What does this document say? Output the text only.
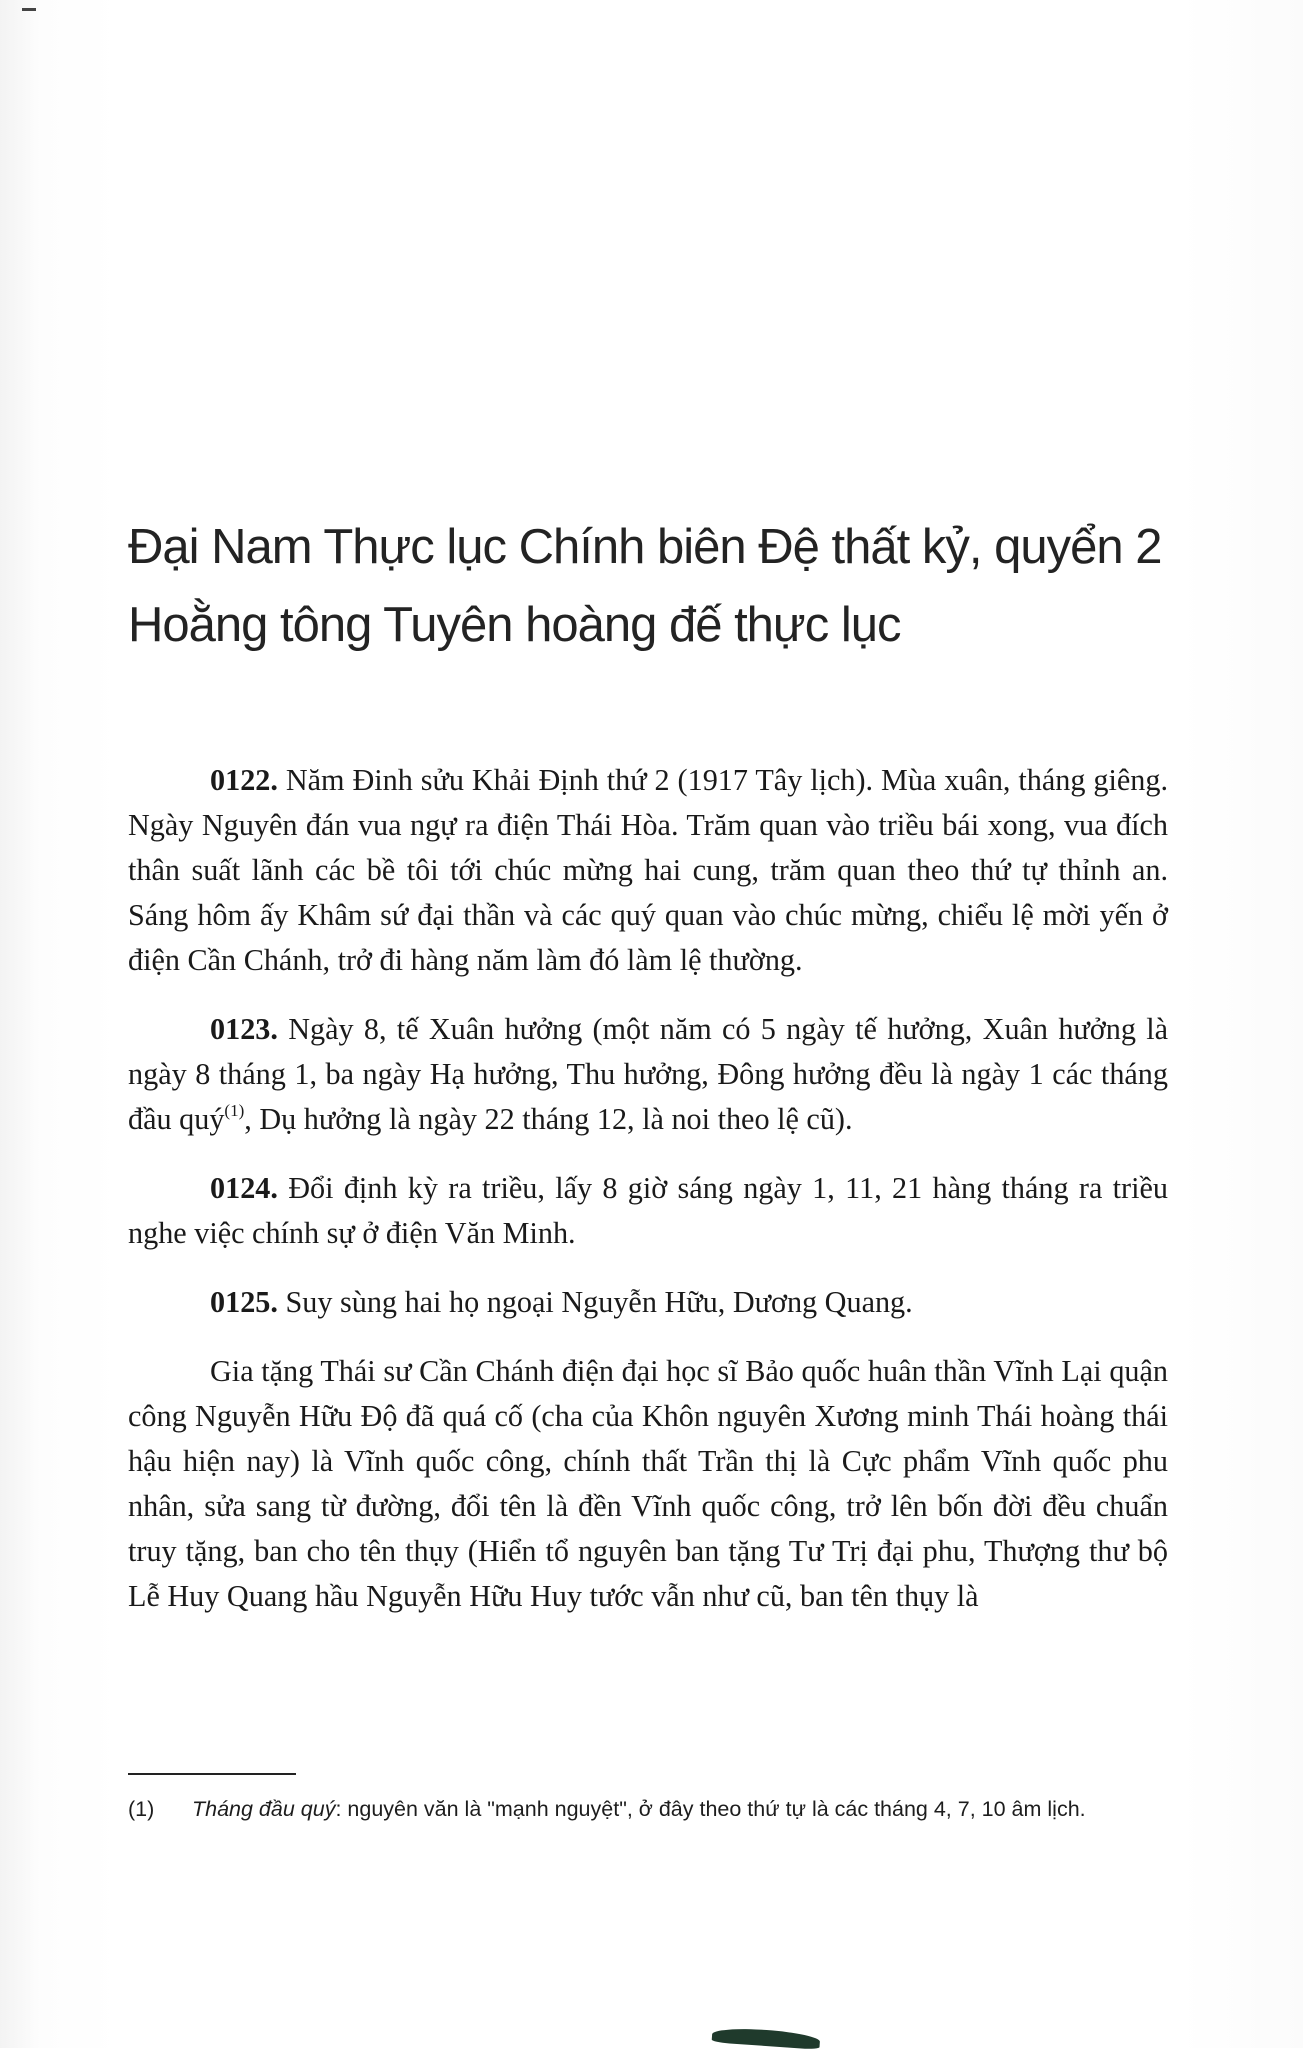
Đại Nam Thực lục Chính biên Đệ thất kỷ, quyển 2
Hoằng tông Tuyên hoàng đế thực lục

0122. Năm Đinh sửu Khải Định thứ 2 (1917 Tây lịch). Mùa xuân, tháng giêng. Ngày Nguyên đán vua ngự ra điện Thái Hòa. Trăm quan vào triều bái xong, vua đích thân suất lãnh các bề tôi tới chúc mừng hai cung, trăm quan theo thứ tự thỉnh an. Sáng hôm ấy Khâm sứ đại thần và các quý quan vào chúc mừng, chiểu lệ mời yến ở điện Cần Chánh, trở đi hàng năm làm đó làm lệ thường.

0123. Ngày 8, tế Xuân hưởng (một năm có 5 ngày tế hưởng, Xuân hưởng là ngày 8 tháng 1, ba ngày Hạ hưởng, Thu hưởng, Đông hưởng đều là ngày 1 các tháng đầu quý$^{(1)}$, Dụ hưởng là ngày 22 tháng 12, là noi theo lệ cũ).

0124. Đổi định kỳ ra triều, lấy 8 giờ sáng ngày 1, 11, 21 hàng tháng ra triều nghe việc chính sự ở điện Văn Minh.

0125. Suy sùng hai họ ngoại Nguyễn Hữu, Dương Quang.

Gia tặng Thái sư Cần Chánh điện đại học sĩ Bảo quốc huân thần Vĩnh Lại quận công Nguyễn Hữu Độ đã quá cố (cha của Khôn nguyên Xương minh Thái hoàng thái hậu hiện nay) là Vĩnh quốc công, chính thất Trần thị là Cực phẩm Vĩnh quốc phu nhân, sửa sang từ đường, đổi tên là đền Vĩnh quốc công, trở lên bốn đời đều chuẩn truy tặng, ban cho tên thụy (Hiển tổ nguyên ban tặng Tư Trị đại phu, Thượng thư bộ Lễ Huy Quang hầu Nguyễn Hữu Huy tước vẫn như cũ, ban tên thụy là

(1) Tháng đầu quý: nguyên văn là "mạnh nguyệt", ở đây theo thứ tự là các tháng 4, 7, 10 âm lịch.
